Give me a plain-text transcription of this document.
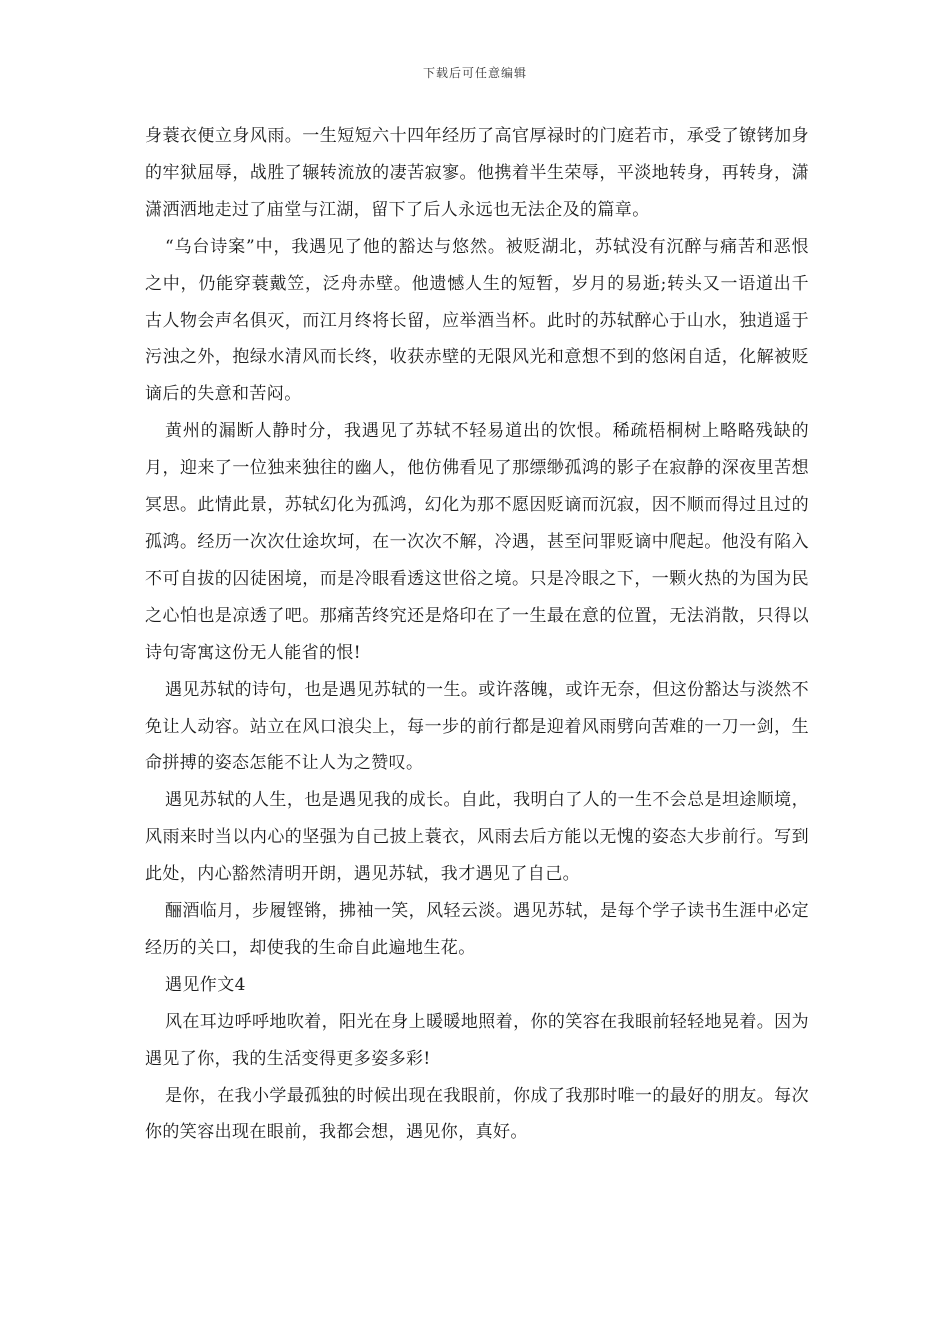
下载后可任意编辑

身蓑衣便立身风雨。一生短短六十四年经历了高官厚禄时的门庭若市，承受了镣铐加身的牢狱屈辱，战胜了辗转流放的凄苦寂寥。他携着半生荣辱，平淡地转身，再转身，潇潇洒洒地走过了庙堂与江湖，留下了后人永远也无法企及的篇章。

“乌台诗案”中，我遇见了他的豁达与悠然。被贬湖北，苏轼没有沉醉与痛苦和恶恨之中，仍能穿蓑戴笠，泛舟赤壁。他遗憾人生的短暂，岁月的易逝;转头又一语道出千古人物会声名俱灭，而江月终将长留，应举酒当杯。此时的苏轼醉心于山水，独逍遥于污浊之外，抱绿水清风而长终，收获赤壁的无限风光和意想不到的悠闲自适，化解被贬谪后的失意和苦闷。

黄州的漏断人静时分，我遇见了苏轼不轻易道出的饮恨。稀疏梧桐树上略略残缺的月，迎来了一位独来独往的幽人，他仿佛看见了那缥缈孤鸿的影子在寂静的深夜里苦想冥思。此情此景，苏轼幻化为孤鸿，幻化为那不愿因贬谪而沉寂，因不顺而得过且过的孤鸿。经历一次次仕途坎坷，在一次次不解，冷遇，甚至问罪贬谪中爬起。他没有陷入不可自拔的囚徒困境，而是冷眼看透这世俗之境。只是冷眼之下，一颗火热的为国为民之心怕也是凉透了吧。那痛苦终究还是烙印在了一生最在意的位置，无法消散，只得以诗句寄寓这份无人能省的恨!

遇见苏轼的诗句，也是遇见苏轼的一生。或许落魄，或许无奈，但这份豁达与淡然不免让人动容。站立在风口浪尖上，每一步的前行都是迎着风雨劈向苦难的一刀一剑，生命拼搏的姿态怎能不让人为之赞叹。

遇见苏轼的人生，也是遇见我的成长。自此，我明白了人的一生不会总是坦途顺境，风雨来时当以内心的坚强为自己披上蓑衣，风雨去后方能以无愧的姿态大步前行。写到此处，内心豁然清明开朗，遇见苏轼，我才遇见了自己。

酾酒临月，步履铿锵，拂袖一笑，风轻云淡。遇见苏轼，是每个学子读书生涯中必定经历的关口，却使我的生命自此遍地生花。

遇见作文4

风在耳边呼呼地吹着，阳光在身上暖暖地照着，你的笑容在我眼前轻轻地晃着。因为遇见了你，我的生活变得更多姿多彩!

是你，在我小学最孤独的时候出现在我眼前，你成了我那时唯一的最好的朋友。每次你的笑容出现在眼前，我都会想，遇见你，真好。
